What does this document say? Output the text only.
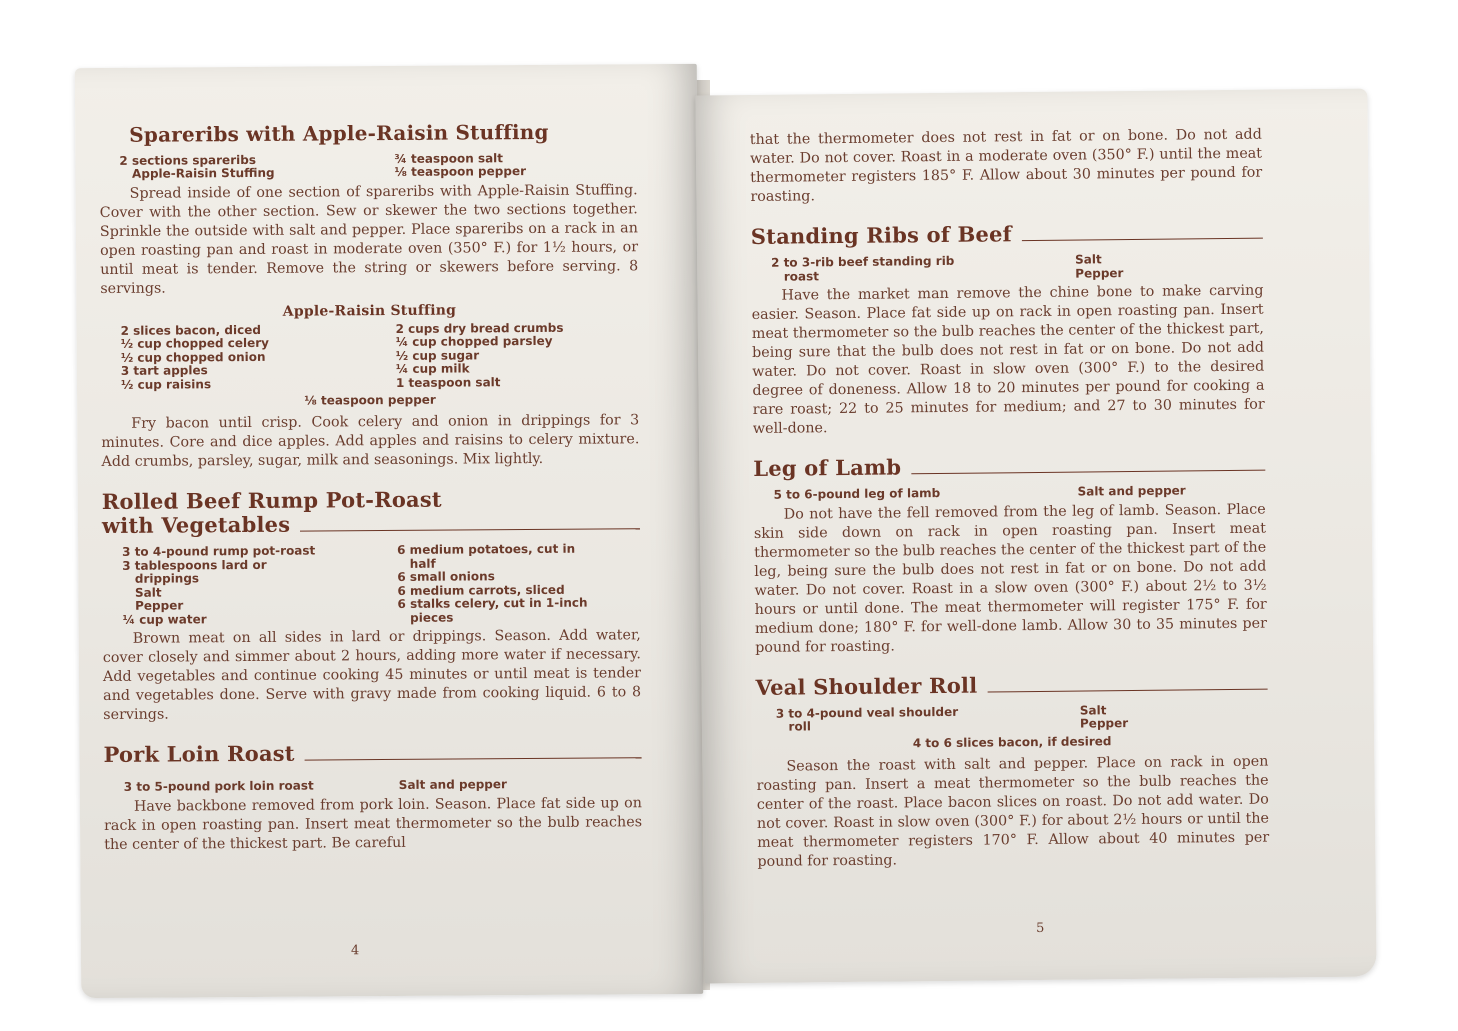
Spareribs with Apple-Raisin Stuffing
2 sections spareribs
Apple-Raisin Stuffing
¾ teaspoon salt
⅛ teaspoon pepper

Spread inside of one section of spareribs with Apple-Raisin Stuffing. Cover with the other section. Sew or skewer the two sections together. Sprinkle the outside with salt and pepper. Place spareribs on a rack in an open roasting pan and roast in moderate oven (350° F.) for 1½ hours, or until meat is tender. Remove the string or skewers before serving. 8 servings.

Apple-Raisin Stuffing
2 slices bacon, diced
½ cup chopped celery
½ cup chopped onion
3 tart apples
½ cup raisins
2 cups dry bread crumbs
¼ cup chopped parsley
½ cup sugar
¼ cup milk
1 teaspoon salt
⅛ teaspoon pepper

Fry bacon until crisp. Cook celery and onion in drippings for 3 minutes. Core and dice apples. Add apples and raisins to celery mixture. Add crumbs, parsley, sugar, milk and seasonings. Mix lightly.

Rolled Beef Rump Pot-Roast
with Vegetables
3 to 4-pound rump pot-roast
3 tablespoons lard or
drippings
Salt
Pepper
¼ cup water
6 medium potatoes, cut in
half
6 small onions
6 medium carrots, sliced
6 stalks celery, cut in 1-inch
pieces

Brown meat on all sides in lard or drippings. Season. Add water, cover closely and simmer about 2 hours, adding more water if necessary. Add vegetables and continue cooking 45 minutes or until meat is tender and vegetables done. Serve with gravy made from cooking liquid. 6 to 8 servings.

Pork Loin Roast
3 to 5-pound pork loin roast	Salt and pepper

Have backbone removed from pork loin. Season. Place fat side up on rack in open roasting pan. Insert meat thermometer so the bulb reaches the center of the thickest part. Be careful

4

that the thermometer does not rest in fat or on bone. Do not add water. Do not cover. Roast in a moderate oven (350° F.) until the meat thermometer registers 185° F. Allow about 30 minutes per pound for roasting.

Standing Ribs of Beef
2 to 3-rib beef standing rib
roast
Salt
Pepper

Have the market man remove the chine bone to make carving easier. Season. Place fat side up on rack in open roasting pan. Insert meat thermometer so the bulb reaches the center of the thickest part, being sure that the bulb does not rest in fat or on bone. Do not add water. Do not cover. Roast in slow oven (300° F.) to the desired degree of doneness. Allow 18 to 20 minutes per pound for cooking a rare roast; 22 to 25 minutes for medium; and 27 to 30 minutes for well-done.

Leg of Lamb
5 to 6-pound leg of lamb	Salt and pepper

Do not have the fell removed from the leg of lamb. Season. Place skin side down on rack in open roasting pan. Insert meat thermometer so the bulb reaches the center of the thickest part of the leg, being sure the bulb does not rest in fat or on bone. Do not add water. Do not cover. Roast in a slow oven (300° F.) about 2½ to 3½ hours or until done. The meat thermometer will register 175° F. for medium done; 180° F. for well-done lamb. Allow 30 to 35 minutes per pound for roasting.

Veal Shoulder Roll
3 to 4-pound veal shoulder
roll
Salt
Pepper
4 to 6 slices bacon, if desired

Season the roast with salt and pepper. Place on rack in open roasting pan. Insert a meat thermometer so the bulb reaches the center of the roast. Place bacon slices on roast. Do not add water. Do not cover. Roast in slow oven (300° F.) for about 2½ hours or until the meat thermometer registers 170° F. Allow about 40 minutes per pound for roasting.

5
